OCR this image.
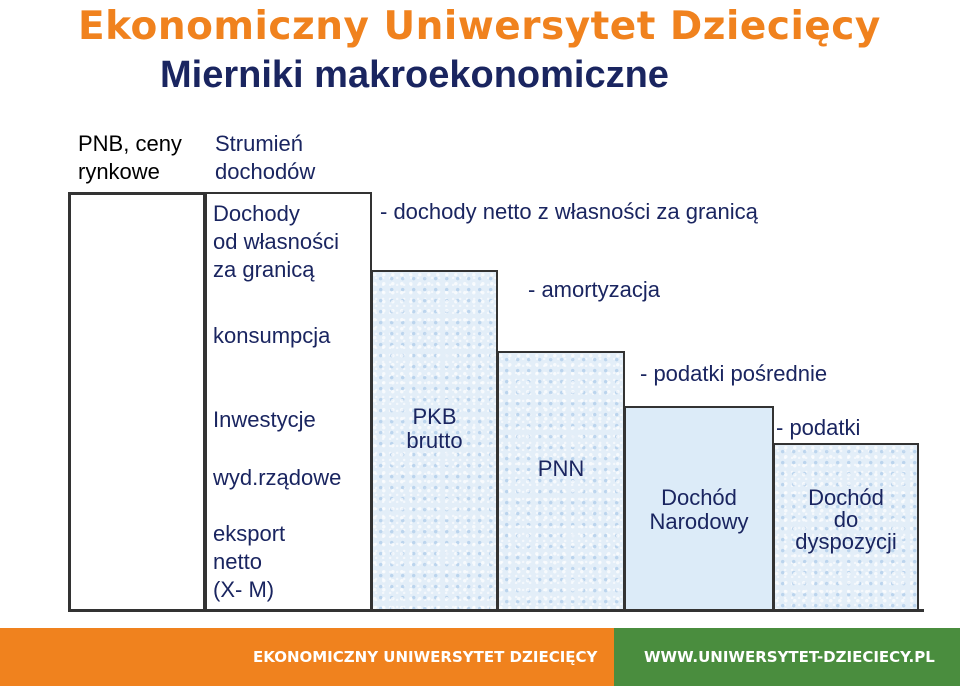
Ekonomiczny Uniwersytet Dziecięcy
Mierniki makroekonomiczne
PNB, ceny
rynkowe
Strumień
dochodów
Dochody
od własności
za granicą
konsumpcja
Inwestycje
wyd.rządowe
eksport
netto
(X- M)
PKB
brutto
PNN
Dochód
Narodowy
Dochód
do
dyspozycji
- dochody netto z własności za granicą
- amortyzacja
- podatki pośrednie
- podatki
EKONOMICZNY UNIWERSYTET DZIECIĘCY	WWW.UNIWERSYTET-DZIECIECY.PL
